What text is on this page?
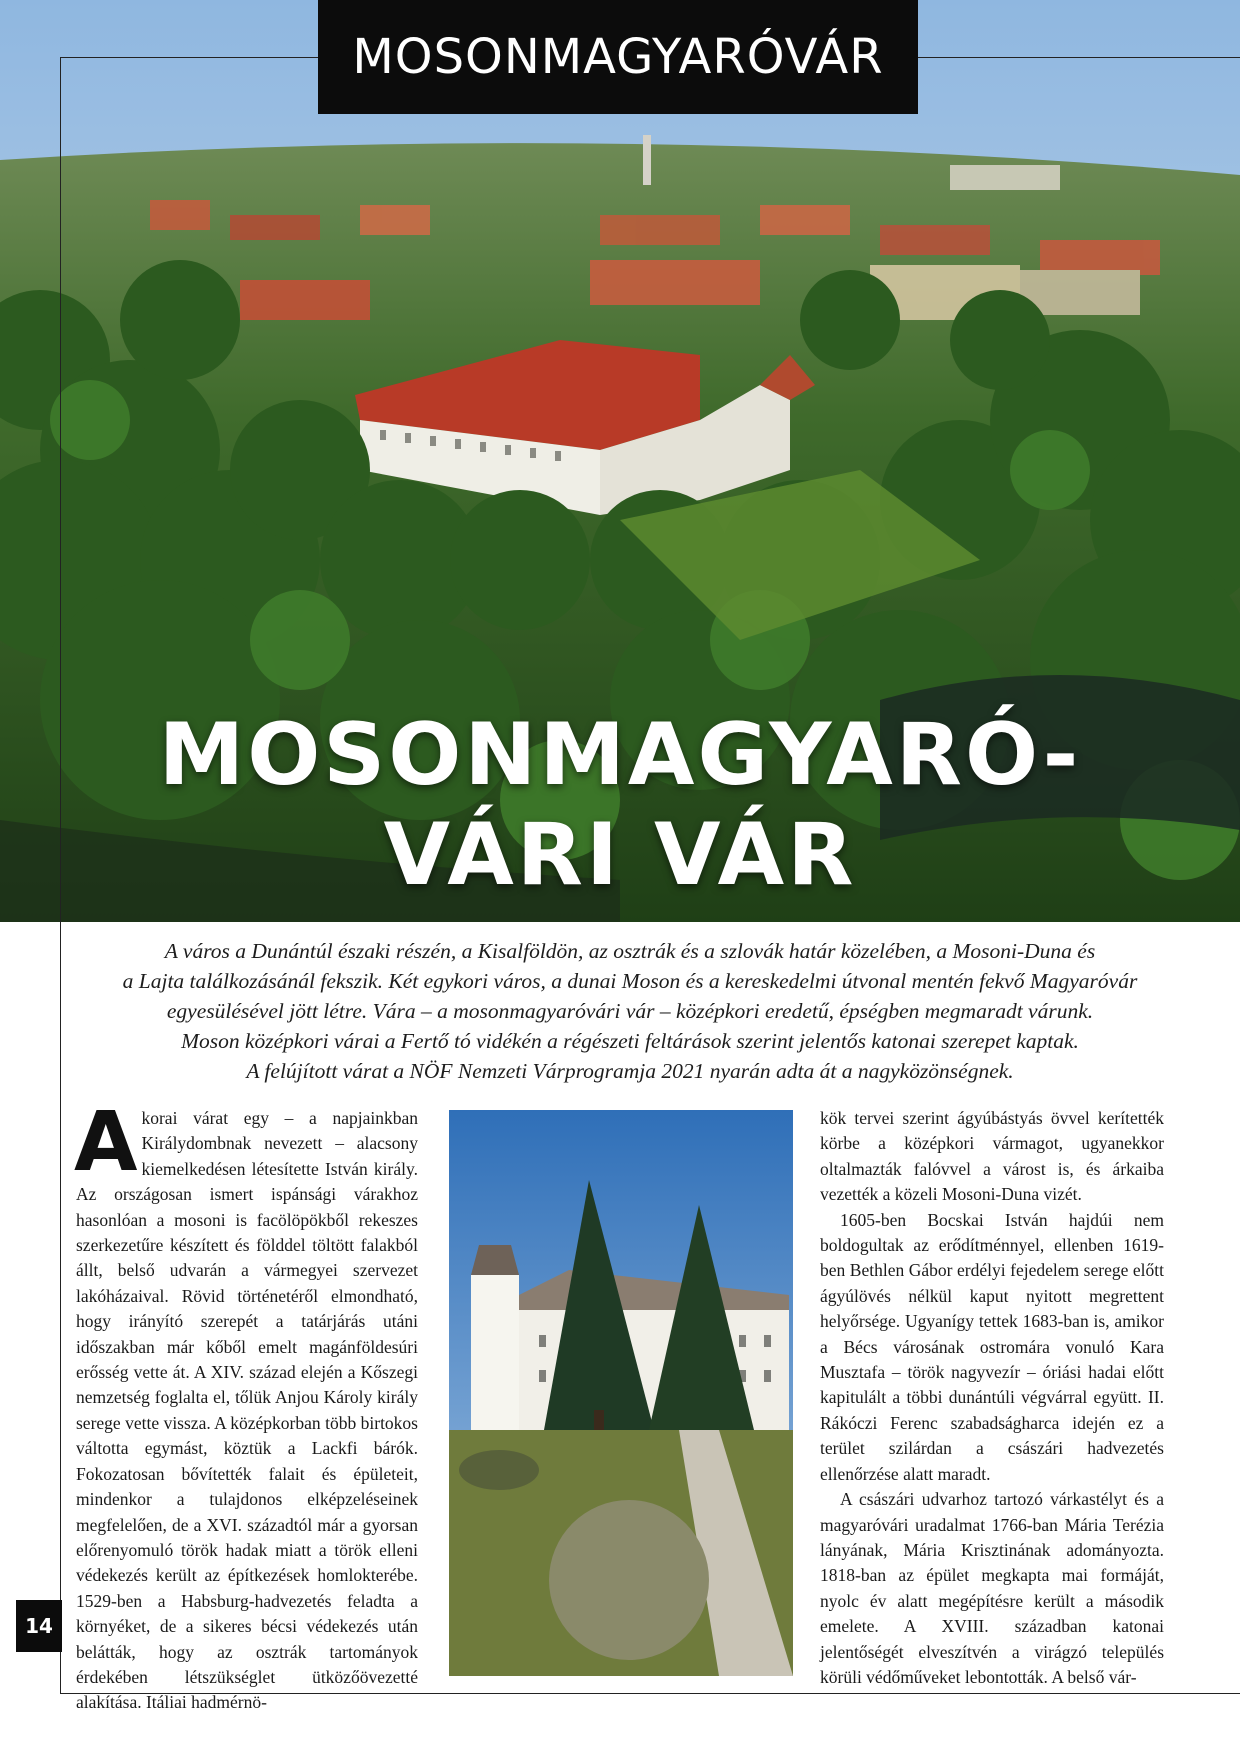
MOSONMAGYARÓVÁR
MOSONMAGYARÓ-
VÁRI VÁR

A város a Dunántúl északi részén, a Kisalföldön, az osztrák és a szlovák határ közelében, a Mosoni-Duna és

a Lajta találkozásánál fekszik. Két egykori város, a dunai Moson és a kereskedelmi útvonal mentén fekvő Magyaróvár

egyesülésével jött létre. Vára – a mosonmagyaróvári vár – középkori eredetű, épségben megmaradt várunk.

Moson középkori várai a Fertő tó vidékén a régészeti feltárások szerint jelentős katonai szerepet kaptak.

A felújított várat a NÖF Nemzeti Várprogramja 2021 nyarán adta át a nagyközönségnek.

A korai várat egy – a napjainkban Királydombnak nevezett – alacsony kiemelkedésen létesítette István király. Az országosan ismert ispánsági várakhoz hasonlóan a mosoni is facölöpökből rekeszes szerkezetűre készített és földdel töltött falakból állt, belső udvarán a vármegyei szervezet lakóházaival. Rövid történetéről elmondható, hogy irányító szerepét a tatárjárás utáni időszakban már kőből emelt magánföldesúri erősség vette át. A XIV. század elején a Kőszegi nemzetség foglalta el, tőlük Anjou Károly király serege vette vissza. A középkorban több birtokos váltotta egymást, köztük a Lackfi bárók. Fokozatosan bővítették falait és épületeit, mindenkor a tulajdonos elképzeléseinek megfelelően, de a XVI. századtól már a gyorsan előrenyomuló török hadak miatt a török elleni védekezés került az építkezések homlokterébe. 1529-ben a Habsburg-hadvezetés feladta a környéket, de a sikeres bécsi védekezés után belátták, hogy az osztrák tartományok érdekében létszükséglet ütközőövezetté alakítása. Itáliai hadmérnö-

kök tervei szerint ágyúbástyás övvel kerítették körbe a középkori vármagot, ugyanekkor oltalmazták falóvvel a várost is, és árkaiba vezették a közeli Mosoni-Duna vizét.

1605-ben Bocskai István hajdúi nem boldogultak az erődítménnyel, ellenben 1619-ben Bethlen Gábor erdélyi fejedelem serege előtt ágyúlövés nélkül kaput nyitott megrettent helyőrsége. Ugyanígy tettek 1683-ban is, amikor a Bécs városának ostromára vonuló Kara Musztafa – török nagyvezír – óriási hadai előtt kapitulált a többi dunántúli végvárral együtt. II. Rákóczi Ferenc szabadságharca idején ez a terület szilárdan a császári hadvezetés ellenőrzése alatt maradt.

A császári udvarhoz tartozó várkastélyt és a magyaróvári uradalmat 1766-ban Mária Terézia lányának, Mária Krisztinának adományozta. 1818-ban az épület megkapta mai formáját, nyolc év alatt megépítésre került a második emelete. A XVIII. században katonai jelentőségét elveszítvén a virágzó település körüli védőműveket lebontották. A belső vár-

14
